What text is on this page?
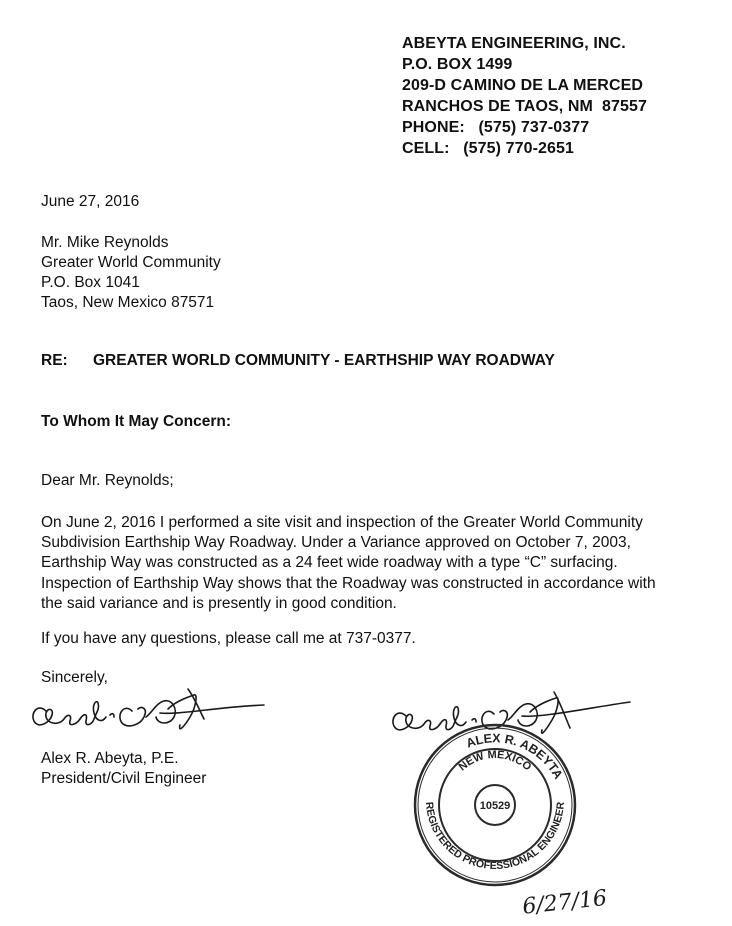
ABEYTA ENGINEERING, INC.
P.O. BOX 1499
209-D CAMINO DE LA MERCED
RANCHOS DE TAOS, NM  87557
PHONE:   (575) 737-0377
CELL:   (575) 770-2651
June 27, 2016
Mr. Mike Reynolds
Greater World Community
P.O. Box 1041
Taos, New Mexico 87571
RE: GREATER WORLD COMMUNITY - EARTHSHIP WAY ROADWAY
To Whom It May Concern:
Dear Mr. Reynolds;
On June 2, 2016 I performed a site visit and inspection of the Greater World Community
Subdivision Earthship Way Roadway. Under a Variance approved on October 7, 2003,
Earthship Way was constructed as a 24 feet wide roadway with a type “C” surfacing.
Inspection of Earthship Way shows that the Roadway was constructed in accordance with
the said variance and is presently in good condition.
If you have any questions, please call me at 737-0377.
Sincerely,
Alex R. Abeyta, P.E.
President/Civil Engineer
ALEX R. ABEYTA
NEW MEXICO
REGISTERED PROFESSIONAL ENGINEER
10529
6/27/16
